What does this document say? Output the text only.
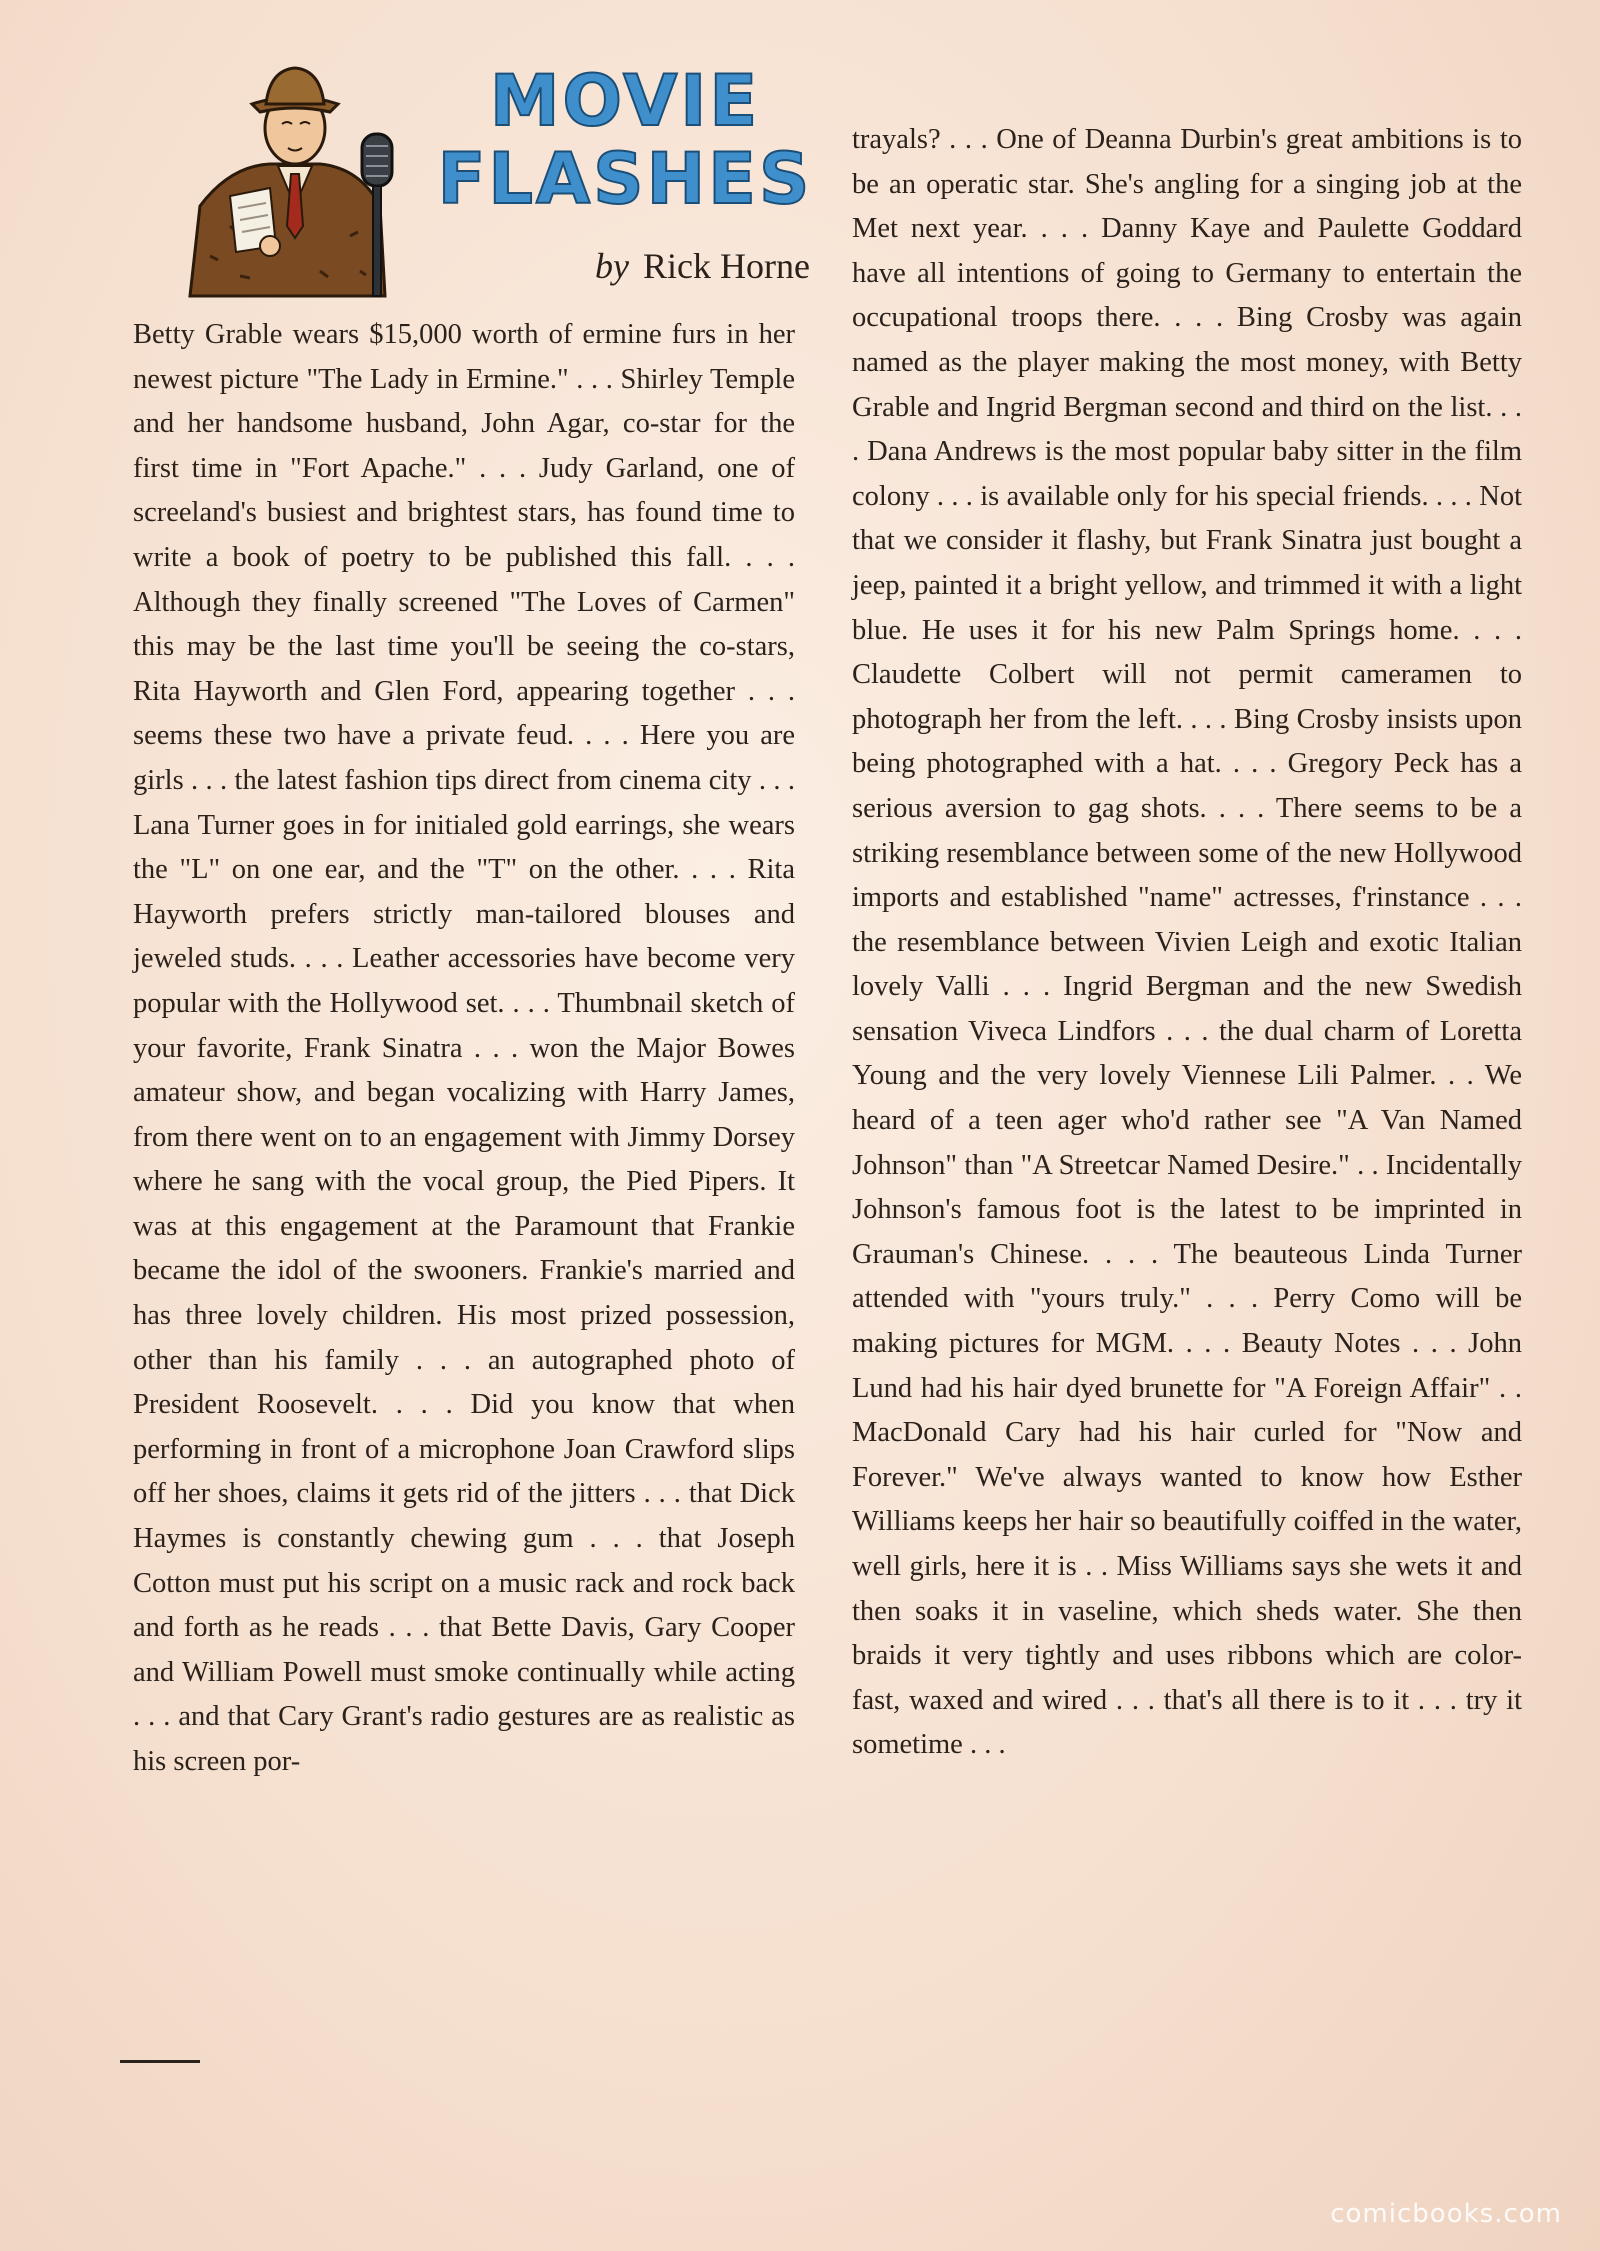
MOVIE
FLASHES
by Rick Horne

Betty Grable wears $15,000 worth of ermine furs in her newest picture "The Lady in Ermine." . . . Shirley Temple and her handsome husband, John Agar, co-star for the first time in "Fort Apache." . . . Judy Garland, one of screeland's busiest and brightest stars, has found time to write a book of poetry to be published this fall. . . . Although they finally screened "The Loves of Carmen" this may be the last time you'll be seeing the co-stars, Rita Hayworth and Glen Ford, appearing together . . . seems these two have a private feud. . . . Here you are girls . . . the latest fashion tips direct from cinema city . . . Lana Turner goes in for initialed gold earrings, she wears the "L" on one ear, and the "T" on the other. . . . Rita Hayworth prefers strictly man-tailored blouses and jeweled studs. . . . Leather accessories have become very popular with the Hollywood set. . . . Thumbnail sketch of your favorite, Frank Sinatra . . . won the Major Bowes amateur show, and began vocalizing with Harry James, from there went on to an engagement with Jimmy Dorsey where he sang with the vocal group, the Pied Pipers. It was at this engagement at the Paramount that Frankie became the idol of the swooners. Frankie's married and has three lovely children. His most prized possession, other than his family . . . an autographed photo of President Roosevelt. . . . Did you know that when performing in front of a microphone Joan Crawford slips off her shoes, claims it gets rid of the jitters . . . that Dick Haymes is constantly chewing gum . . . that Joseph Cotton must put his script on a music rack and rock back and forth as he reads . . . that Bette Davis, Gary Cooper and William Powell must smoke continually while acting . . . and that Cary Grant's radio gestures are as realistic as his screen por-

trayals? . . . One of Deanna Durbin's great ambitions is to be an operatic star. She's angling for a singing job at the Met next year. . . . Danny Kaye and Paulette Goddard have all intentions of going to Germany to entertain the occupational troops there. . . . Bing Crosby was again named as the player making the most money, with Betty Grable and Ingrid Bergman second and third on the list. . . . Dana Andrews is the most popular baby sitter in the film colony . . . is available only for his special friends. . . . Not that we consider it flashy, but Frank Sinatra just bought a jeep, painted it a bright yellow, and trimmed it with a light blue. He uses it for his new Palm Springs home. . . . Claudette Colbert will not permit cameramen to photograph her from the left. . . . Bing Crosby insists upon being photographed with a hat. . . . Gregory Peck has a serious aversion to gag shots. . . . There seems to be a striking resemblance between some of the new Hollywood imports and established "name" actresses, f'rinstance . . . the resemblance between Vivien Leigh and exotic Italian lovely Valli . . . Ingrid Bergman and the new Swedish sensation Viveca Lindfors . . . the dual charm of Loretta Young and the very lovely Viennese Lili Palmer. . . We heard of a teen ager who'd rather see "A Van Named Johnson" than "A Streetcar Named Desire." . . Incidentally Johnson's famous foot is the latest to be imprinted in Grauman's Chinese. . . . The beauteous Linda Turner attended with "yours truly." . . . Perry Como will be making pictures for MGM. . . . Beauty Notes . . . John Lund had his hair dyed brunette for "A Foreign Affair" . . MacDonald Cary had his hair curled for "Now and Forever." We've always wanted to know how Esther Williams keeps her hair so beautifully coiffed in the water, well girls, here it is . . Miss Williams says she wets it and then soaks it in vaseline, which sheds water. She then braids it very tightly and uses ribbons which are color-fast, waxed and wired . . . that's all there is to it . . . try it sometime . . .

comicbooks.com
